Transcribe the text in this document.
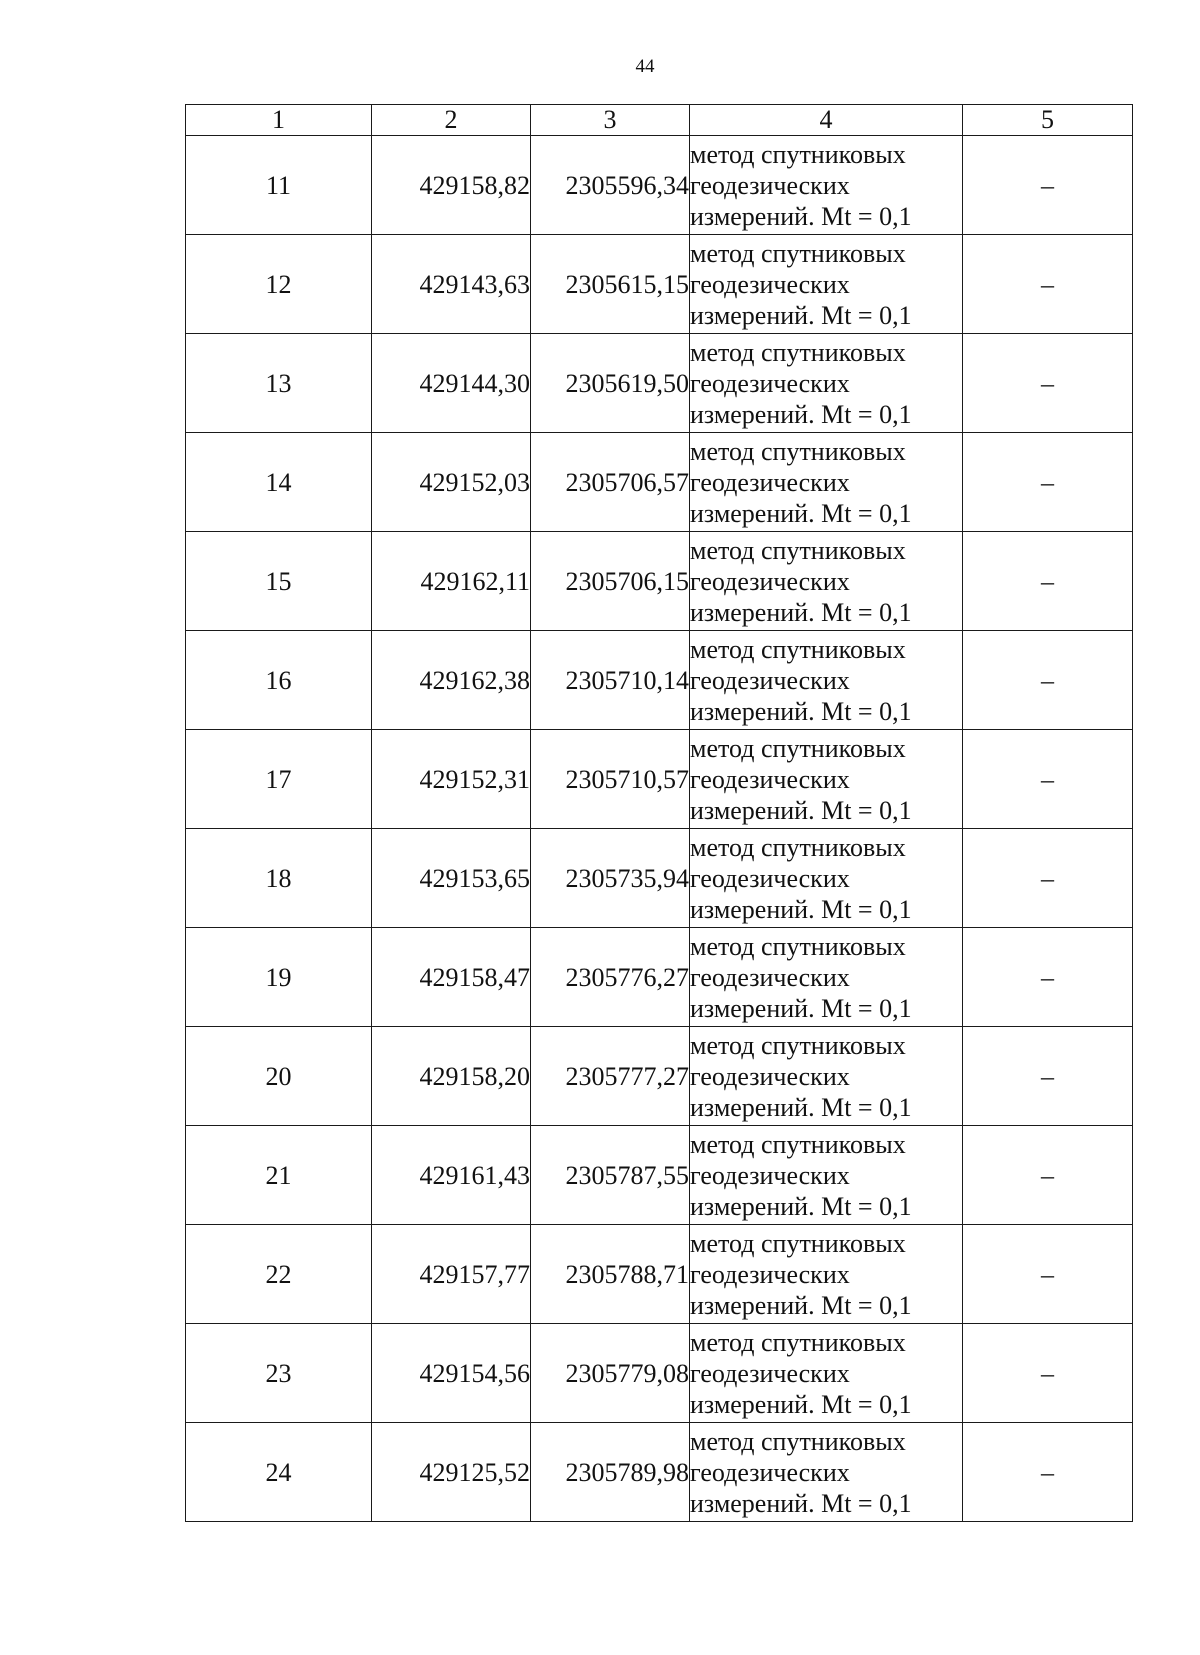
44
1	2	3	4	5
11	429158,82	2305596,34	метод спутниковых
геодезических
измерений. Mt = 0,1	–
12	429143,63	2305615,15	метод спутниковых
геодезических
измерений. Mt = 0,1	–
13	429144,30	2305619,50	метод спутниковых
геодезических
измерений. Mt = 0,1	–
14	429152,03	2305706,57	метод спутниковых
геодезических
измерений. Mt = 0,1	–
15	429162,11	2305706,15	метод спутниковых
геодезических
измерений. Mt = 0,1	–
16	429162,38	2305710,14	метод спутниковых
геодезических
измерений. Mt = 0,1	–
17	429152,31	2305710,57	метод спутниковых
геодезических
измерений. Mt = 0,1	–
18	429153,65	2305735,94	метод спутниковых
геодезических
измерений. Mt = 0,1	–
19	429158,47	2305776,27	метод спутниковых
геодезических
измерений. Mt = 0,1	–
20	429158,20	2305777,27	метод спутниковых
геодезических
измерений. Mt = 0,1	–
21	429161,43	2305787,55	метод спутниковых
геодезических
измерений. Mt = 0,1	–
22	429157,77	2305788,71	метод спутниковых
геодезических
измерений. Mt = 0,1	–
23	429154,56	2305779,08	метод спутниковых
геодезических
измерений. Mt = 0,1	–
24	429125,52	2305789,98	метод спутниковых
геодезических
измерений. Mt = 0,1	–
